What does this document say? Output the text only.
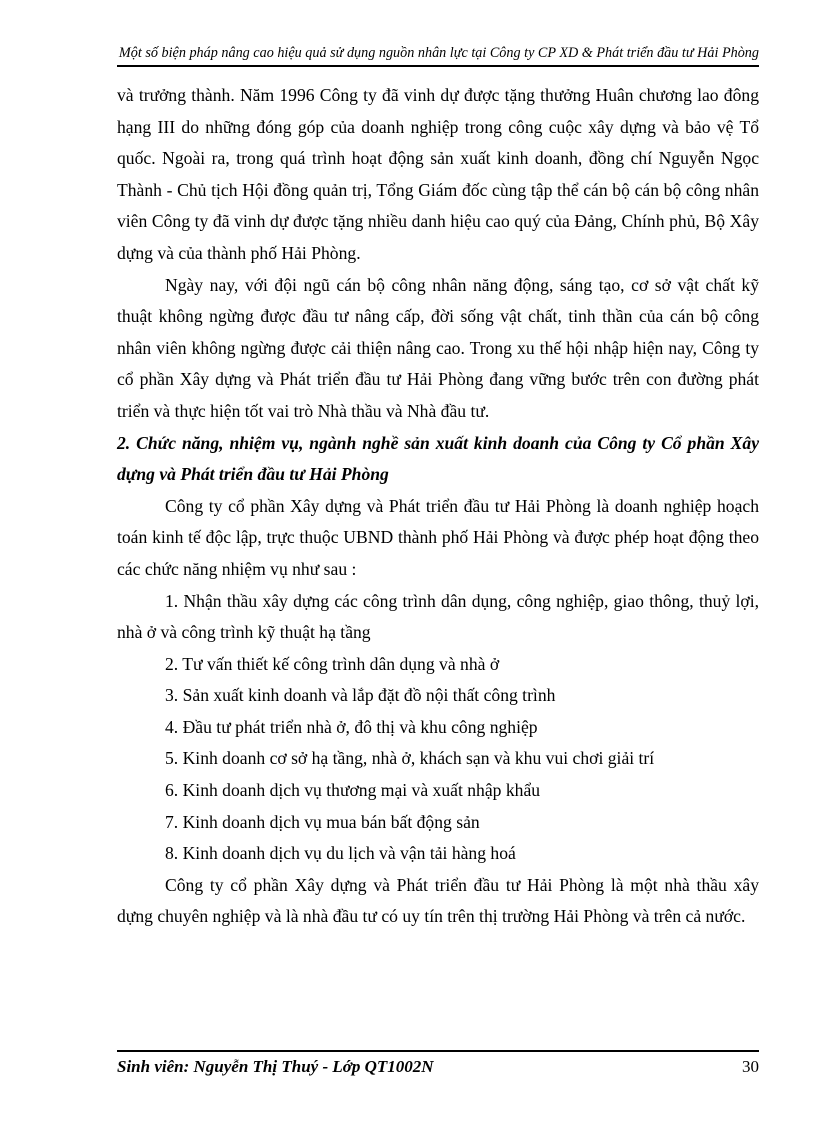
Một số biện pháp nâng cao hiệu quả sử dụng nguồn nhân lực tại Công ty CP XD & Phát triển đầu tư Hải Phòng

và trưởng thành. Năm 1996 Công ty đã vinh dự được tặng thưởng Huân chương lao đông hạng III do những đóng góp của doanh nghiệp trong công cuộc xây dựng và bảo vệ Tổ quốc. Ngoài ra, trong quá trình hoạt động sản xuất kinh doanh, đồng chí Nguyễn Ngọc Thành - Chủ tịch Hội đồng quản trị, Tổng Giám đốc cùng tập thể cán bộ cán bộ công nhân viên Công ty đã vinh dự được tặng nhiều danh hiệu cao quý của Đảng, Chính phủ, Bộ Xây dựng và của thành phố Hải Phòng.

Ngày nay, với đội ngũ cán bộ công nhân năng động, sáng tạo, cơ sở vật chất kỹ thuật không ngừng được đầu tư nâng cấp, đời sống vật chất, tinh thần của cán bộ công nhân viên không ngừng được cải thiện nâng cao. Trong xu thế hội nhập hiện nay, Công ty cổ phần Xây dựng và Phát triển đầu tư Hải Phòng đang vững bước trên con đường phát triển và thực hiện tốt vai trò Nhà thầu và Nhà đầu tư.

2. Chức năng, nhiệm vụ, ngành nghề sản xuất kinh doanh của Công ty Cổ phần Xây dựng và Phát triển đầu tư Hải Phòng

Công ty cổ phần Xây dựng và Phát triển đầu tư Hải Phòng là doanh nghiệp hoạch toán kinh tế độc lập, trực thuộc UBND thành phố Hải Phòng và được phép hoạt động theo các chức năng nhiệm vụ như sau :

1. Nhận thầu xây dựng các công trình dân dụng, công nghiệp, giao thông, thuỷ lợi, nhà ở và công trình kỹ thuật hạ tầng

2. Tư vấn thiết kế công trình dân dụng và nhà ở

3. Sản xuất kinh doanh và lắp đặt đồ nội thất công trình

4. Đầu tư phát triển nhà ở, đô thị và khu công nghiệp

5. Kinh doanh cơ sở hạ tầng, nhà ở, khách sạn và khu vui chơi giải trí

6. Kinh doanh dịch vụ thương mại và xuất nhập khẩu

7. Kinh doanh dịch vụ mua bán bất động sản

8. Kinh doanh dịch vụ du lịch và vận tải hàng hoá

Công ty cổ phần Xây dựng và Phát triển đầu tư Hải Phòng là một nhà thầu xây dựng chuyên nghiệp và là nhà đầu tư có uy tín trên thị trường Hải Phòng và trên cả nước.

Sinh viên: Nguyễn Thị Thuý - Lớp QT1002N	30
